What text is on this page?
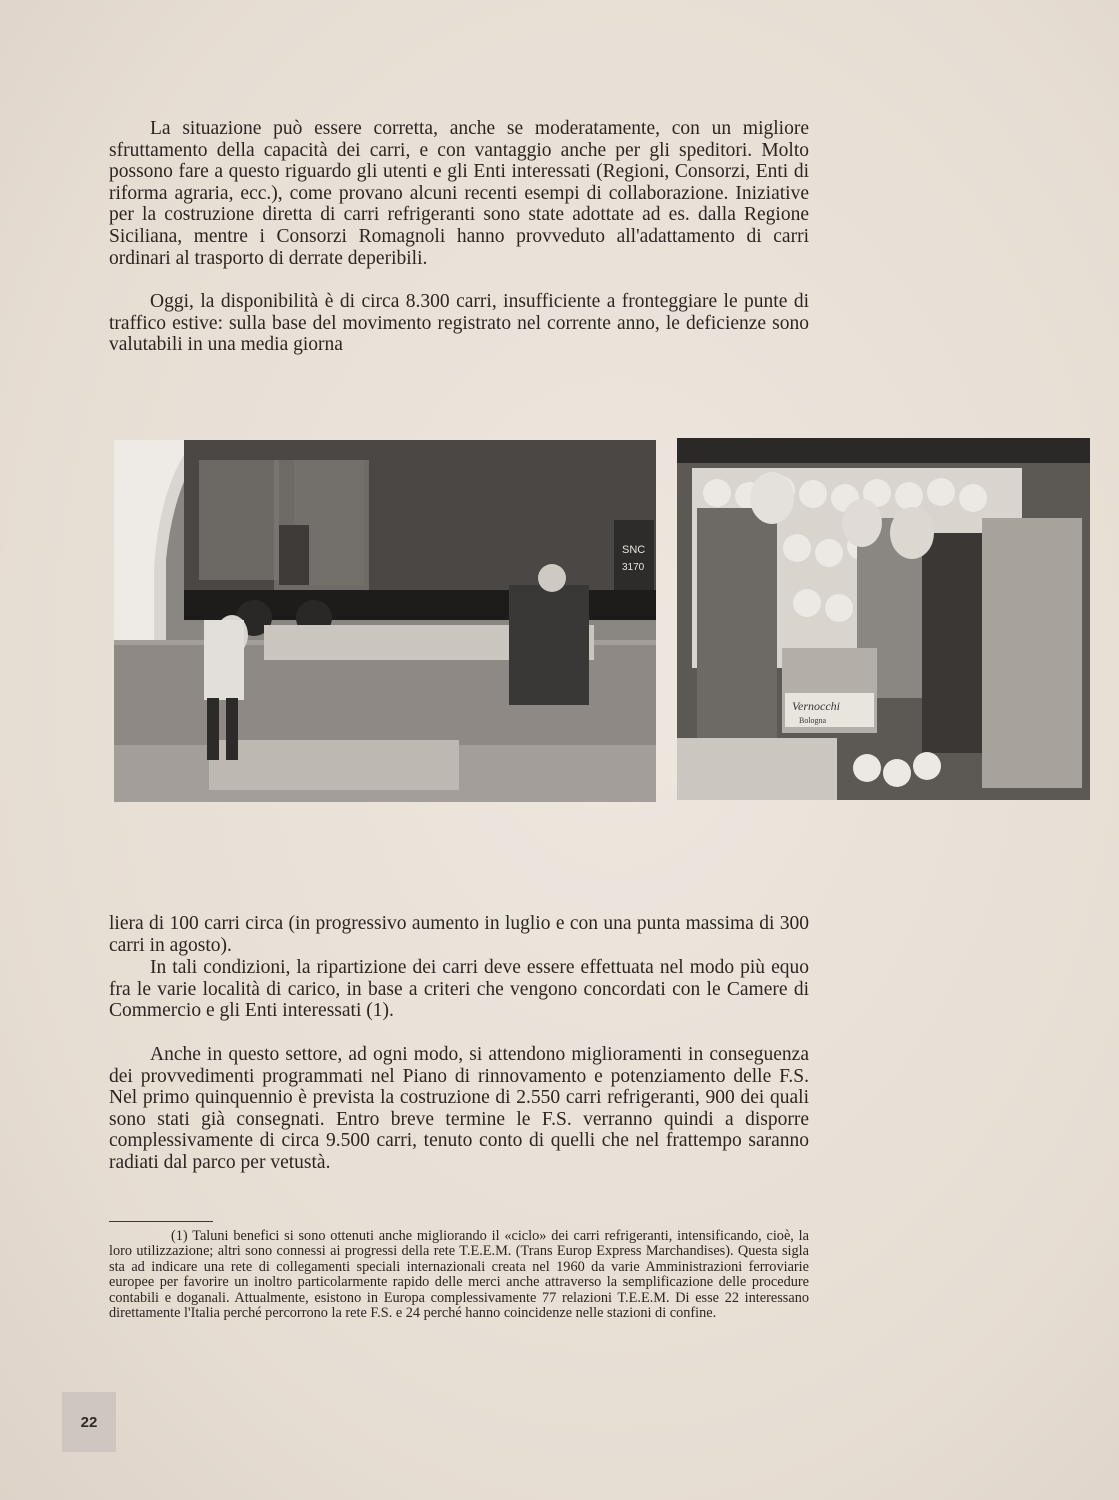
La situazione può essere corretta, anche se moderatamente, con un migliore sfruttamento della capacità dei carri, e con vantaggio anche per gli speditori. Molto possono fare a questo riguardo gli utenti e gli Enti interessati (Regioni, Consorzi, Enti di riforma agraria, ecc.), come provano alcuni recenti esempi di collaborazione. Iniziative per la costruzione diretta di carri refrigeranti sono state adottate ad es. dalla Regione Siciliana, mentre i Consorzi Romagnoli hanno provveduto all'adattamento di carri ordinari al trasporto di derrate deperibili.

Oggi, la disponibilità è di circa 8.300 carri, insufficiente a fronteggiare le punte di traffico estive: sulla base del movimento registrato nel corrente anno, le deficienze sono valutabili in una media giorna

SNC
3170
Vernocchi
Bologna

liera di 100 carri circa (in progressivo aumento in luglio e con una punta massima di 300 carri in agosto).

In tali condizioni, la ripartizione dei carri deve essere effettuata nel modo più equo fra le varie località di carico, in base a criteri che vengono concordati con le Camere di Commercio e gli Enti interessati (1).

Anche in questo settore, ad ogni modo, si attendono miglioramenti in conseguenza dei provvedimenti programmati nel Piano di rinnovamento e potenziamento delle F.S. Nel primo quinquennio è prevista la costruzione di 2.550 carri refrigeranti, 900 dei quali sono stati già consegnati. Entro breve termine le F.S. verranno quindi a disporre complessivamente di circa 9.500 carri, tenuto conto di quelli che nel frattempo saranno radiati dal parco per vetustà.

(1) Taluni benefici si sono ottenuti anche migliorando il «ciclo» dei carri refrigeranti, intensificando, cioè, la loro utilizzazione; altri sono connessi ai progressi della rete T.E.E.M. (Trans Europ Express Marchandises). Questa sigla sta ad indicare una rete di collegamenti speciali internazionali creata nel 1960 da varie Amministrazioni ferroviarie europee per favorire un inoltro particolarmente rapido delle merci anche attraverso la semplificazione delle procedure contabili e doganali. Attualmente, esistono in Europa complessivamente 77 relazioni T.E.E.M. Di esse 22 interessano direttamente l'Italia perché percorrono la rete F.S. e 24 perché hanno coincidenze nelle stazioni di confine.

22
